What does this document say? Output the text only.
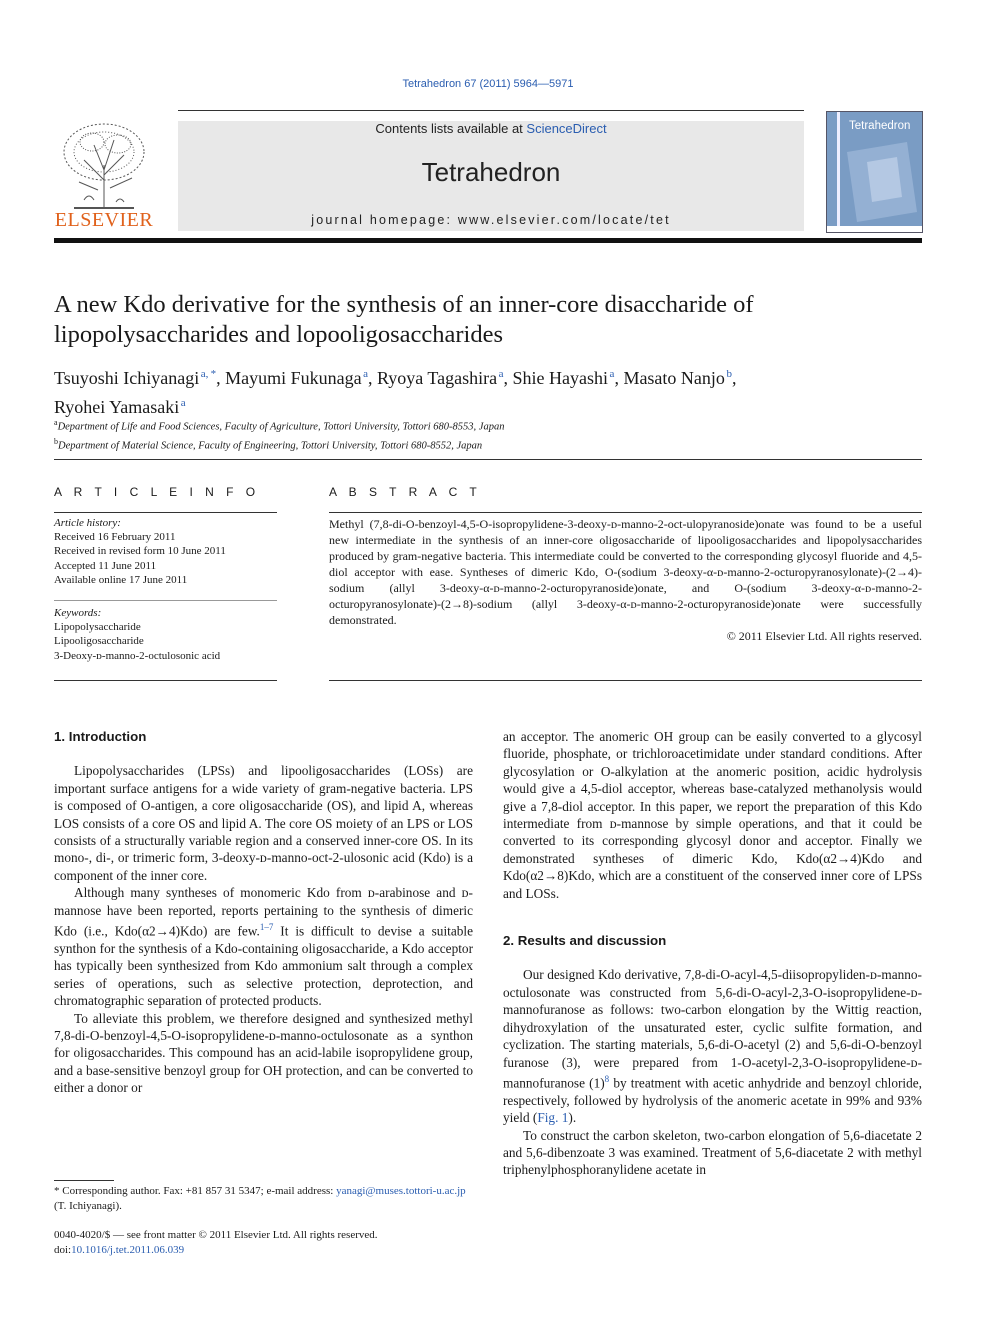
Tetrahedron 67 (2011) 5964—5971
ELSEVIER
Contents lists available at ScienceDirect
Tetrahedron
journal homepage: www.elsevier.com/locate/tet
Tetrahedron
A new Kdo derivative for the synthesis of an inner-core disaccharide of lipopolysaccharides and lopooligosaccharides
Tsuyoshi Ichiyanagi  $^{a, *}$, Mayumi Fukunaga  $^a$, Ryoya Tagashira  $^a$, Shie Hayashi  $^a$, Masato Nanjo  $^b$,
Ryohei Yamasaki  $^a$
$^a$Department of Life and Food Sciences, Faculty of Agriculture, Tottori University, Tottori 680-8553, Japan
$^b$Department of Material Science, Faculty of Engineering, Tottori University, Tottori 680-8552, Japan
A R T I C L E I N F O	A B S T R A C T
Article history:
Received 16 February 2011
Received in revised form 10 June 2011
Accepted 11 June 2011
Available online 17 June 2011
Keywords:
Lipopolysaccharide
Lipooligosaccharide
3-Deoxy-ᴅ-manno-2-octulosonic acid
Methyl (7,8-di-O-benzoyl-4,5-O-isopropylidene-3-deoxy-ᴅ-manno-2-oct-ulopyranoside)onate was found to be a useful new intermediate in the synthesis of an inner-core oligosaccharide of lipooligosaccharides and lipopolysaccharides produced by gram-negative bacteria. This intermediate could be converted to the corresponding glycosyl fluoride and 4,5-diol acceptor with ease. Syntheses of dimeric Kdo, O-(sodium 3-deoxy-α-ᴅ-manno-2-octuropyranosylonate)-(2→4)-sodium (allyl 3-deoxy-α-ᴅ-manno-2-octuropyranoside)onate, and O-(sodium 3-deoxy-α-ᴅ-manno-2-octuropyranosylonate)-(2→8)-sodium (allyl 3-deoxy-α-ᴅ-manno-2-octuropyranoside)onate were successfully demonstrated.
© 2011 Elsevier Ltd. All rights reserved.
1. Introduction

Lipopolysaccharides (LPSs) and lipooligosaccharides (LOSs) are important surface antigens for a wide variety of gram-negative bacteria. LPS is composed of O-antigen, a core oligosaccharide (OS), and lipid A, whereas LOS consists of a core OS and lipid A. The core OS moiety of an LPS or LOS consists of a structurally variable region and a conserved inner-core OS. In its mono-, di-, or trimeric form, 3-deoxy-ᴅ-manno-oct-2-ulosonic acid (Kdo) is a component of the inner core.

Although many syntheses of monomeric Kdo from ᴅ-arabinose and ᴅ-mannose have been reported, reports pertaining to the synthesis of dimeric Kdo (i.e., Kdo(α2→4)Kdo) are few.$^{1-7}$ It is difficult to devise a suitable synthon for the synthesis of a Kdo-containing oligosaccharide, a Kdo acceptor has typically been synthesized from Kdo ammonium salt through a complex series of operations, such as selective protection, deprotection, and chromatographic separation of protected products.

To alleviate this problem, we therefore designed and synthesized methyl 7,8-di-O-benzoyl-4,5-O-isopropylidene-ᴅ-manno-octulosonate as a synthon for oligosaccharides. This compound has an acid-labile isopropylidene group, and a base-sensitive benzoyl group for OH protection, and can be converted to either a donor or

an acceptor. The anomeric OH group can be easily converted to a glycosyl fluoride, phosphate, or trichloroacetimidate under standard conditions. After glycosylation or O-alkylation at the anomeric position, acidic hydrolysis would give a 4,5-diol acceptor, whereas base-catalyzed methanolysis would give a 7,8-diol acceptor. In this paper, we report the preparation of this Kdo intermediate from ᴅ-mannose by simple operations, and that it could be converted to its corresponding glycosyl donor and acceptor. Finally we demonstrated syntheses of dimeric Kdo, Kdo(α2→4)Kdo and Kdo(α2→8)Kdo, which are a constituent of the conserved inner core of LPSs and LOSs.

2. Results and discussion

Our designed Kdo derivative, 7,8-di-O-acyl-4,5-diisopropyliden-ᴅ-manno-octulosonate was constructed from 5,6-di-O-acyl-2,3-O-isopropylidene-ᴅ-mannofuranose as follows: two-carbon elongation by the Wittig reaction, dihydroxylation of the unsaturated ester, cyclic sulfite formation, and cyclization. The starting materials, 5,6-di-O-acetyl (2) and 5,6-di-O-benzoyl furanose (3), were prepared from 1-O-acetyl-2,3-O-isopropylidene-ᴅ-mannofuranose $(1)^8$ by treatment with acetic anhydride and benzoyl chloride, respectively, followed by hydrolysis of the anomeric acetate in 99% and 93% yield (Fig. 1).

To construct the carbon skeleton, two-carbon elongation of 5,6-diacetate 2 and 5,6-dibenzoate 3 was examined. Treatment of 5,6-diacetate 2 with methyl triphenylphosphoranylidene acetate in

* Corresponding author. Fax: +81 857 31 5347; e-mail address: yanagi@muses.tottori-u.ac.jp (T. Ichiyanagi).
0040-4020/$ — see front matter © 2011 Elsevier Ltd. All rights reserved.
doi:10.1016/j.tet.2011.06.039
